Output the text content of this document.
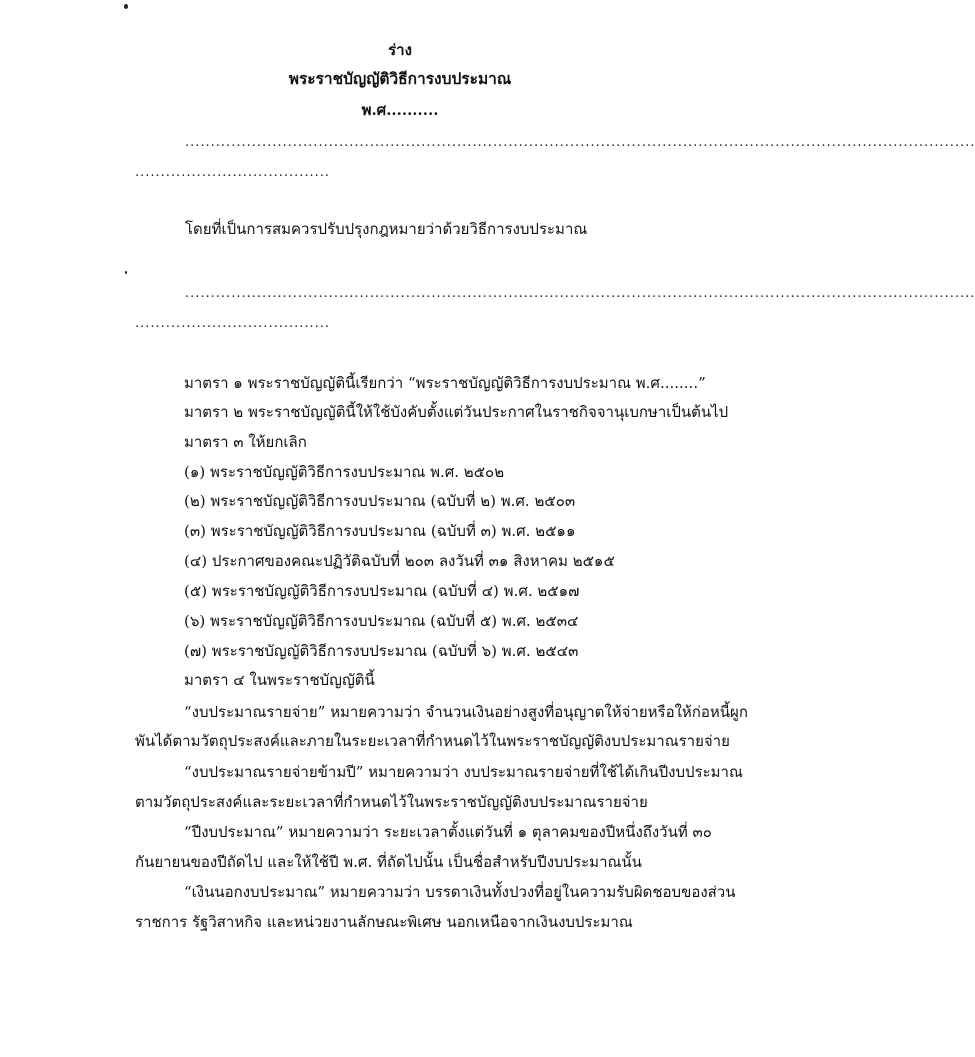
ร่าง
พระราชบัญญัติวิธีการงบประมาณ
พ.ศ..........
..........................................................................................................................................................
......................................
โดยที่เป็นการสมควรปรับปรุงกฎหมายว่าด้วยวิธีการงบประมาณ
..........................................................................................................................................................
......................................
มาตรา ๑ พระราชบัญญัตินี้เรียกว่า “พระราชบัญญัติวิธีการงบประมาณ พ.ศ........”
มาตรา ๒ พระราชบัญญัตินี้ให้ใช้บังคับตั้งแต่วันประกาศในราชกิจจานุเบกษาเป็นต้นไป
มาตรา ๓ ให้ยกเลิก
(๑) พระราชบัญญัติวิธีการงบประมาณ พ.ศ. ๒๕๐๒
(๒) พระราชบัญญัติวิธีการงบประมาณ (ฉบับที่ ๒) พ.ศ. ๒๕๐๓
(๓) พระราชบัญญัติวิธีการงบประมาณ (ฉบับที่ ๓) พ.ศ. ๒๕๑๑
(๔) ประกาศของคณะปฏิวัติฉบับที่ ๒๐๓ ลงวันที่ ๓๑ สิงหาคม ๒๕๑๕
(๕) พระราชบัญญัติวิธีการงบประมาณ (ฉบับที่ ๔) พ.ศ. ๒๕๑๗
(๖) พระราชบัญญัติวิธีการงบประมาณ (ฉบับที่ ๕) พ.ศ. ๒๕๓๔
(๗) พระราชบัญญัติวิธีการงบประมาณ (ฉบับที่ ๖) พ.ศ. ๒๕๔๓
มาตรา ๔ ในพระราชบัญญัตินี้
“งบประมาณรายจ่าย” หมายความว่า จำนวนเงินอย่างสูงที่อนุญาตให้จ่ายหรือให้ก่อหนี้ผูก
พันได้ตามวัตถุประสงค์และภายในระยะเวลาที่กำหนดไว้ในพระราชบัญญัติงบประมาณรายจ่าย
“งบประมาณรายจ่ายข้ามปี” หมายความว่า งบประมาณรายจ่ายที่ใช้ได้เกินปีงบประมาณ
ตามวัตถุประสงค์และระยะเวลาที่กำหนดไว้ในพระราชบัญญัติงบประมาณรายจ่าย
“ปีงบประมาณ” หมายความว่า ระยะเวลาตั้งแต่วันที่ ๑ ตุลาคมของปีหนึ่งถึงวันที่ ๓๐
กันยายนของปีถัดไป และให้ใช้ปี พ.ศ. ที่ถัดไปนั้น เป็นชื่อสำหรับปีงบประมาณนั้น
“เงินนอกงบประมาณ” หมายความว่า บรรดาเงินทั้งปวงที่อยู่ในความรับผิดชอบของส่วน
ราชการ รัฐวิสาหกิจ และหน่วยงานลักษณะพิเศษ นอกเหนือจากเงินงบประมาณ
